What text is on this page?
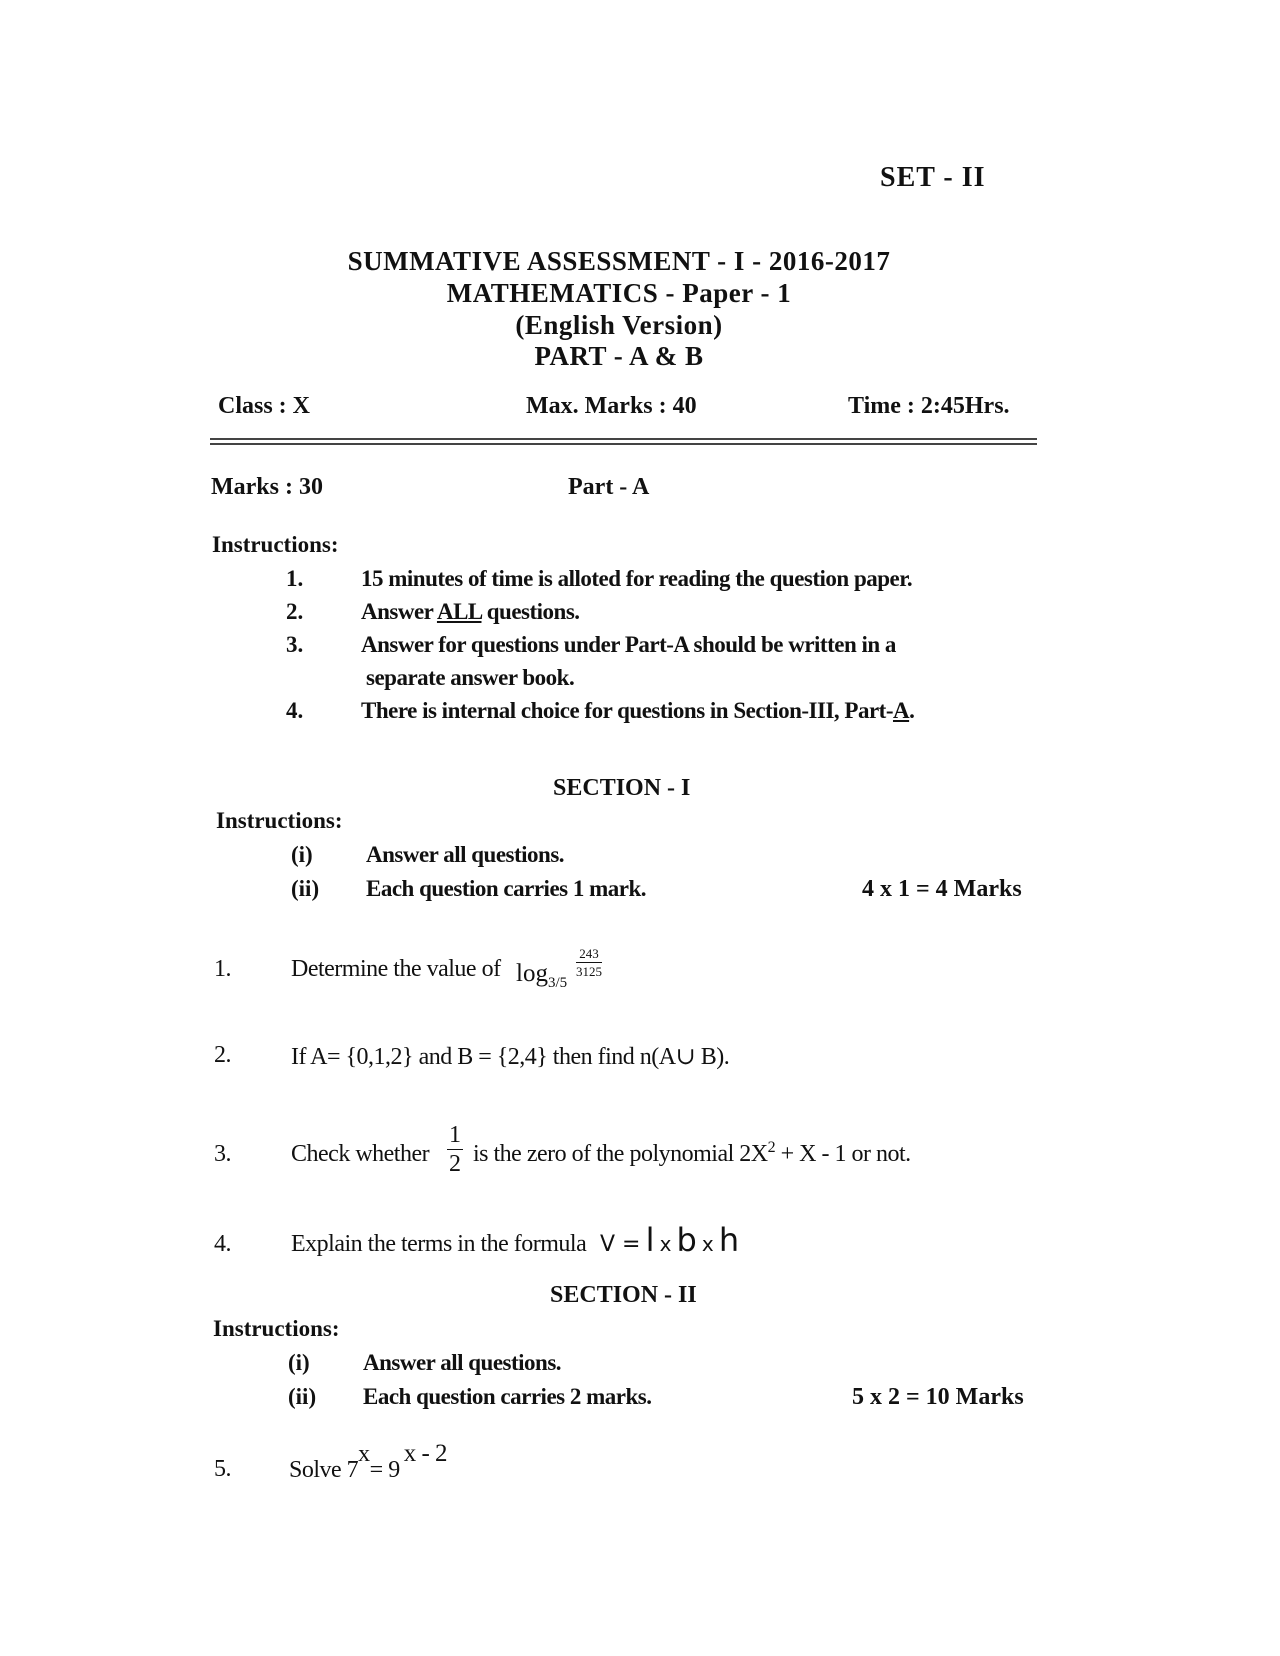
SET - II
SUMMATIVE ASSESSMENT - I - 2016-2017
MATHEMATICS - Paper - 1
(English Version)
PART - A & B
Class : X	Max. Marks : 40	Time : 2:45Hrs.
Marks : 30	Part - A
Instructions:
1.	15 minutes of time is alloted for reading the question paper.
2.	Answer ALL questions.
3.	Answer for questions under Part-A should be written in a
separate answer book.
4.	There is internal choice for questions in Section-III, Part-A.
SECTION - I
Instructions:
(i) Answer all questions.
(ii) Each question carries 1 mark.	4 x 1 = 4 Marks
1.	Determine the value of $\log_{3/5}$
$\frac{243}{3125}$
2.	If A= {0,1,2} and B = {2,4} then find n(A∪ B).
3.	Check whether $\frac{1}{2}$ is the zero of the polynomial $2X^2 + X - 1$ or not.
4.	Explain the terms in the formula V = l x b x h
SECTION - II
Instructions:
(i) Answer all questions.
(ii) Each question carries 2 marks.	5 x 2 = 10 Marks
5. Solve 7x= 9x - 2
